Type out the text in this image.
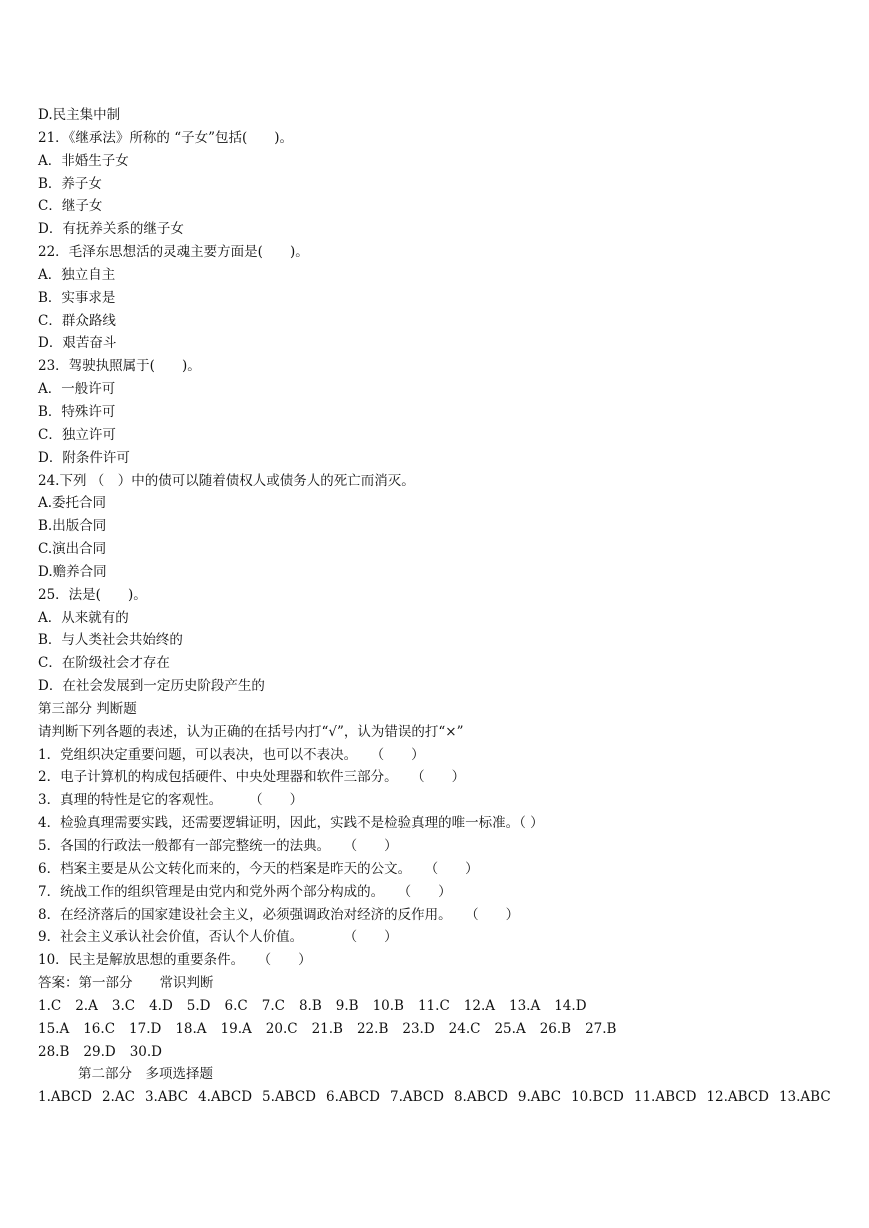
D.民主集中制
21．《继承法》所称的 “子女”包括(　　)。
A．非婚生子女
B．养子女
C．继子女
D．有抚养关系的继子女
22．毛泽东思想活的灵魂主要方面是(　　)。
A．独立自主
B．实事求是
C．群众路线
D．艰苦奋斗
23．驾驶执照属于(　　)。
A．一般许可
B．特殊许可
C．独立许可
D．附条件许可
24.下列 （　）中的债可以随着债权人或债务人的死亡而消灭。
A.委托合同
B.出版合同
C.演出合同
D.赡养合同
25．法是(　　)。
A．从来就有的
B．与人类社会共始终的
C．在阶级社会才存在
D．在社会发展到一定历史阶段产生的
第三部分 判断题
请判断下列各题的表述，认为正确的在括号内打“√”，认为错误的打“×”
1．党组织决定重要问题，可以表决，也可以不表决。　　（　　）
2．电子计算机的构成包括硬件、中央处理器和软件三部分。　　（　　）
3．真理的特性是它的客观性。　　　（　　）
4．检验真理需要实践，还需要逻辑证明，因此，实践不是检验真理的唯一标准。（ ）
5．各国的行政法一般都有一部完整统一的法典。　　（　　）
6．档案主要是从公文转化而来的，今天的档案是昨天的公文。　　（　　）
7．统战工作的组织管理是由党内和党外两个部分构成的。　　（　　）
8．在经济落后的国家建设社会主义，必须强调政治对经济的反作用。　　（　　）
9．社会主义承认社会价值，否认个人价值。　　　　（　　）
10．民主是解放思想的重要条件。　　（　　）
答案：第一部分　　常识判断
1.C 2.A 3.C 4.D 5.D 6.C 7.C 8.B 9.B 10.B 11.C 12.A 13.A 14.D
15.A 16.C 17.D 18.A 19.A 20.C 21.B 22.B 23.D 24.C 25.A 26.B 27.B
28.B 29.D 30.D
第二部分　多项选择题
1.ABCD 2.AC 3.ABC 4.ABCD 5.ABCD 6.ABCD 7.ABCD 8.ABCD 9.ABC 10.BCD 11.ABCD 12.ABCD 13.ABC
